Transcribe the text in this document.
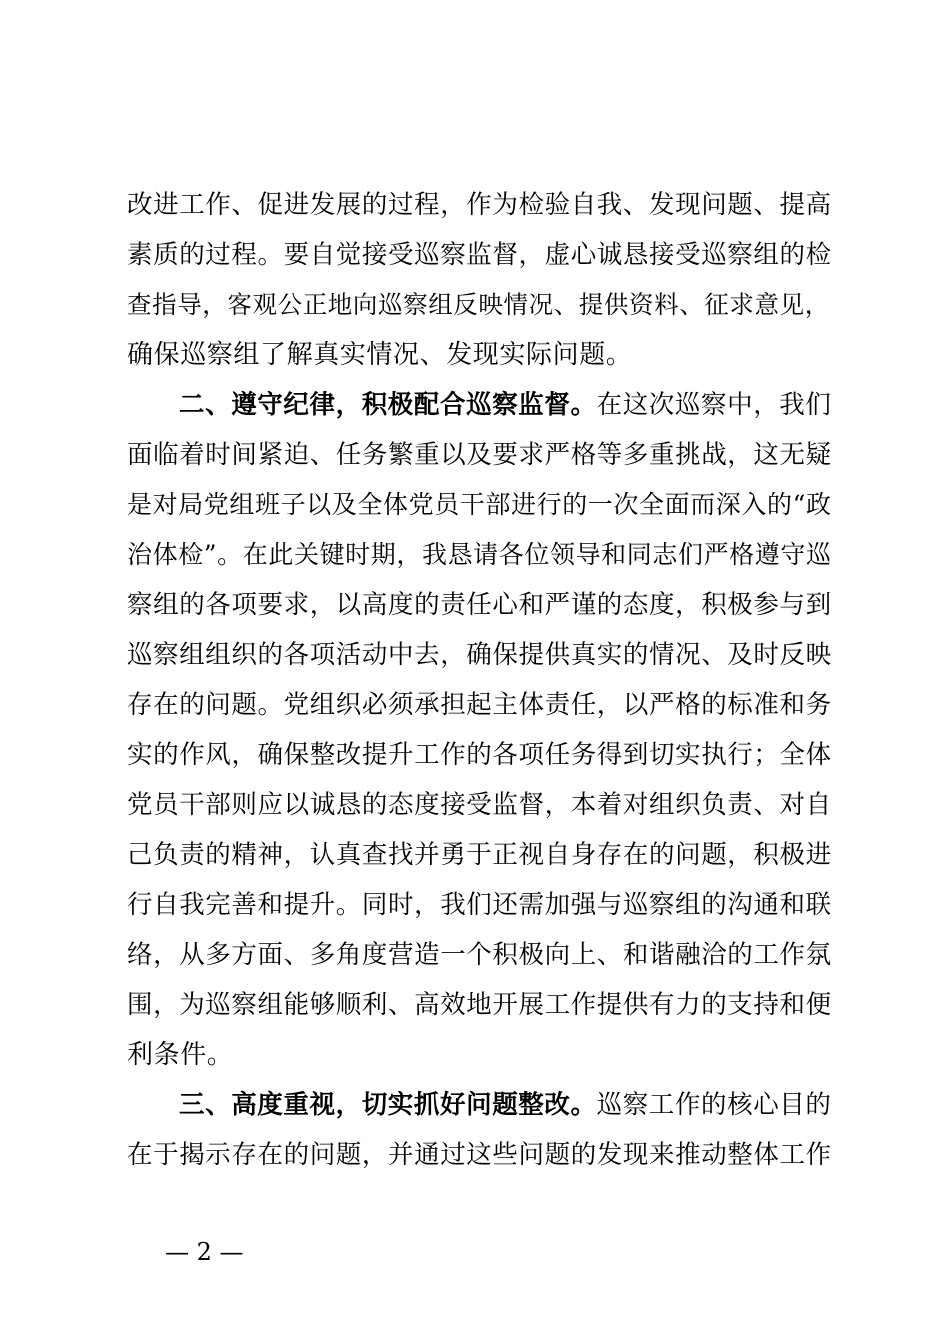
改进工作、促进发展的过程，作为检验自我、发现问题、提高
素质的过程。要自觉接受巡察监督，虚心诚恳接受巡察组的检
查指导，客观公正地向巡察组反映情况、提供资料、征求意见，
确保巡察组了解真实情况、发现实际问题。
二、遵守纪律，积极配合巡察监督。在这次巡察中，我们
面临着时间紧迫、任务繁重以及要求严格等多重挑战，这无疑
是对局党组班子以及全体党员干部进行的一次全面而深入的“政
治体检”。在此关键时期，我恳请各位领导和同志们严格遵守巡
察组的各项要求，以高度的责任心和严谨的态度，积极参与到
巡察组组织的各项活动中去，确保提供真实的情况、及时反映
存在的问题。党组织必须承担起主体责任，以严格的标准和务
实的作风，确保整改提升工作的各项任务得到切实执行；全体
党员干部则应以诚恳的态度接受监督，本着对组织负责、对自
己负责的精神，认真查找并勇于正视自身存在的问题，积极进
行自我完善和提升。同时，我们还需加强与巡察组的沟通和联
络，从多方面、多角度营造一个积极向上、和谐融洽的工作氛
围，为巡察组能够顺利、高效地开展工作提供有力的支持和便
利条件。
三、高度重视，切实抓好问题整改。巡察工作的核心目的
在于揭示存在的问题，并通过这些问题的发现来推动整体工作
— 2 —
